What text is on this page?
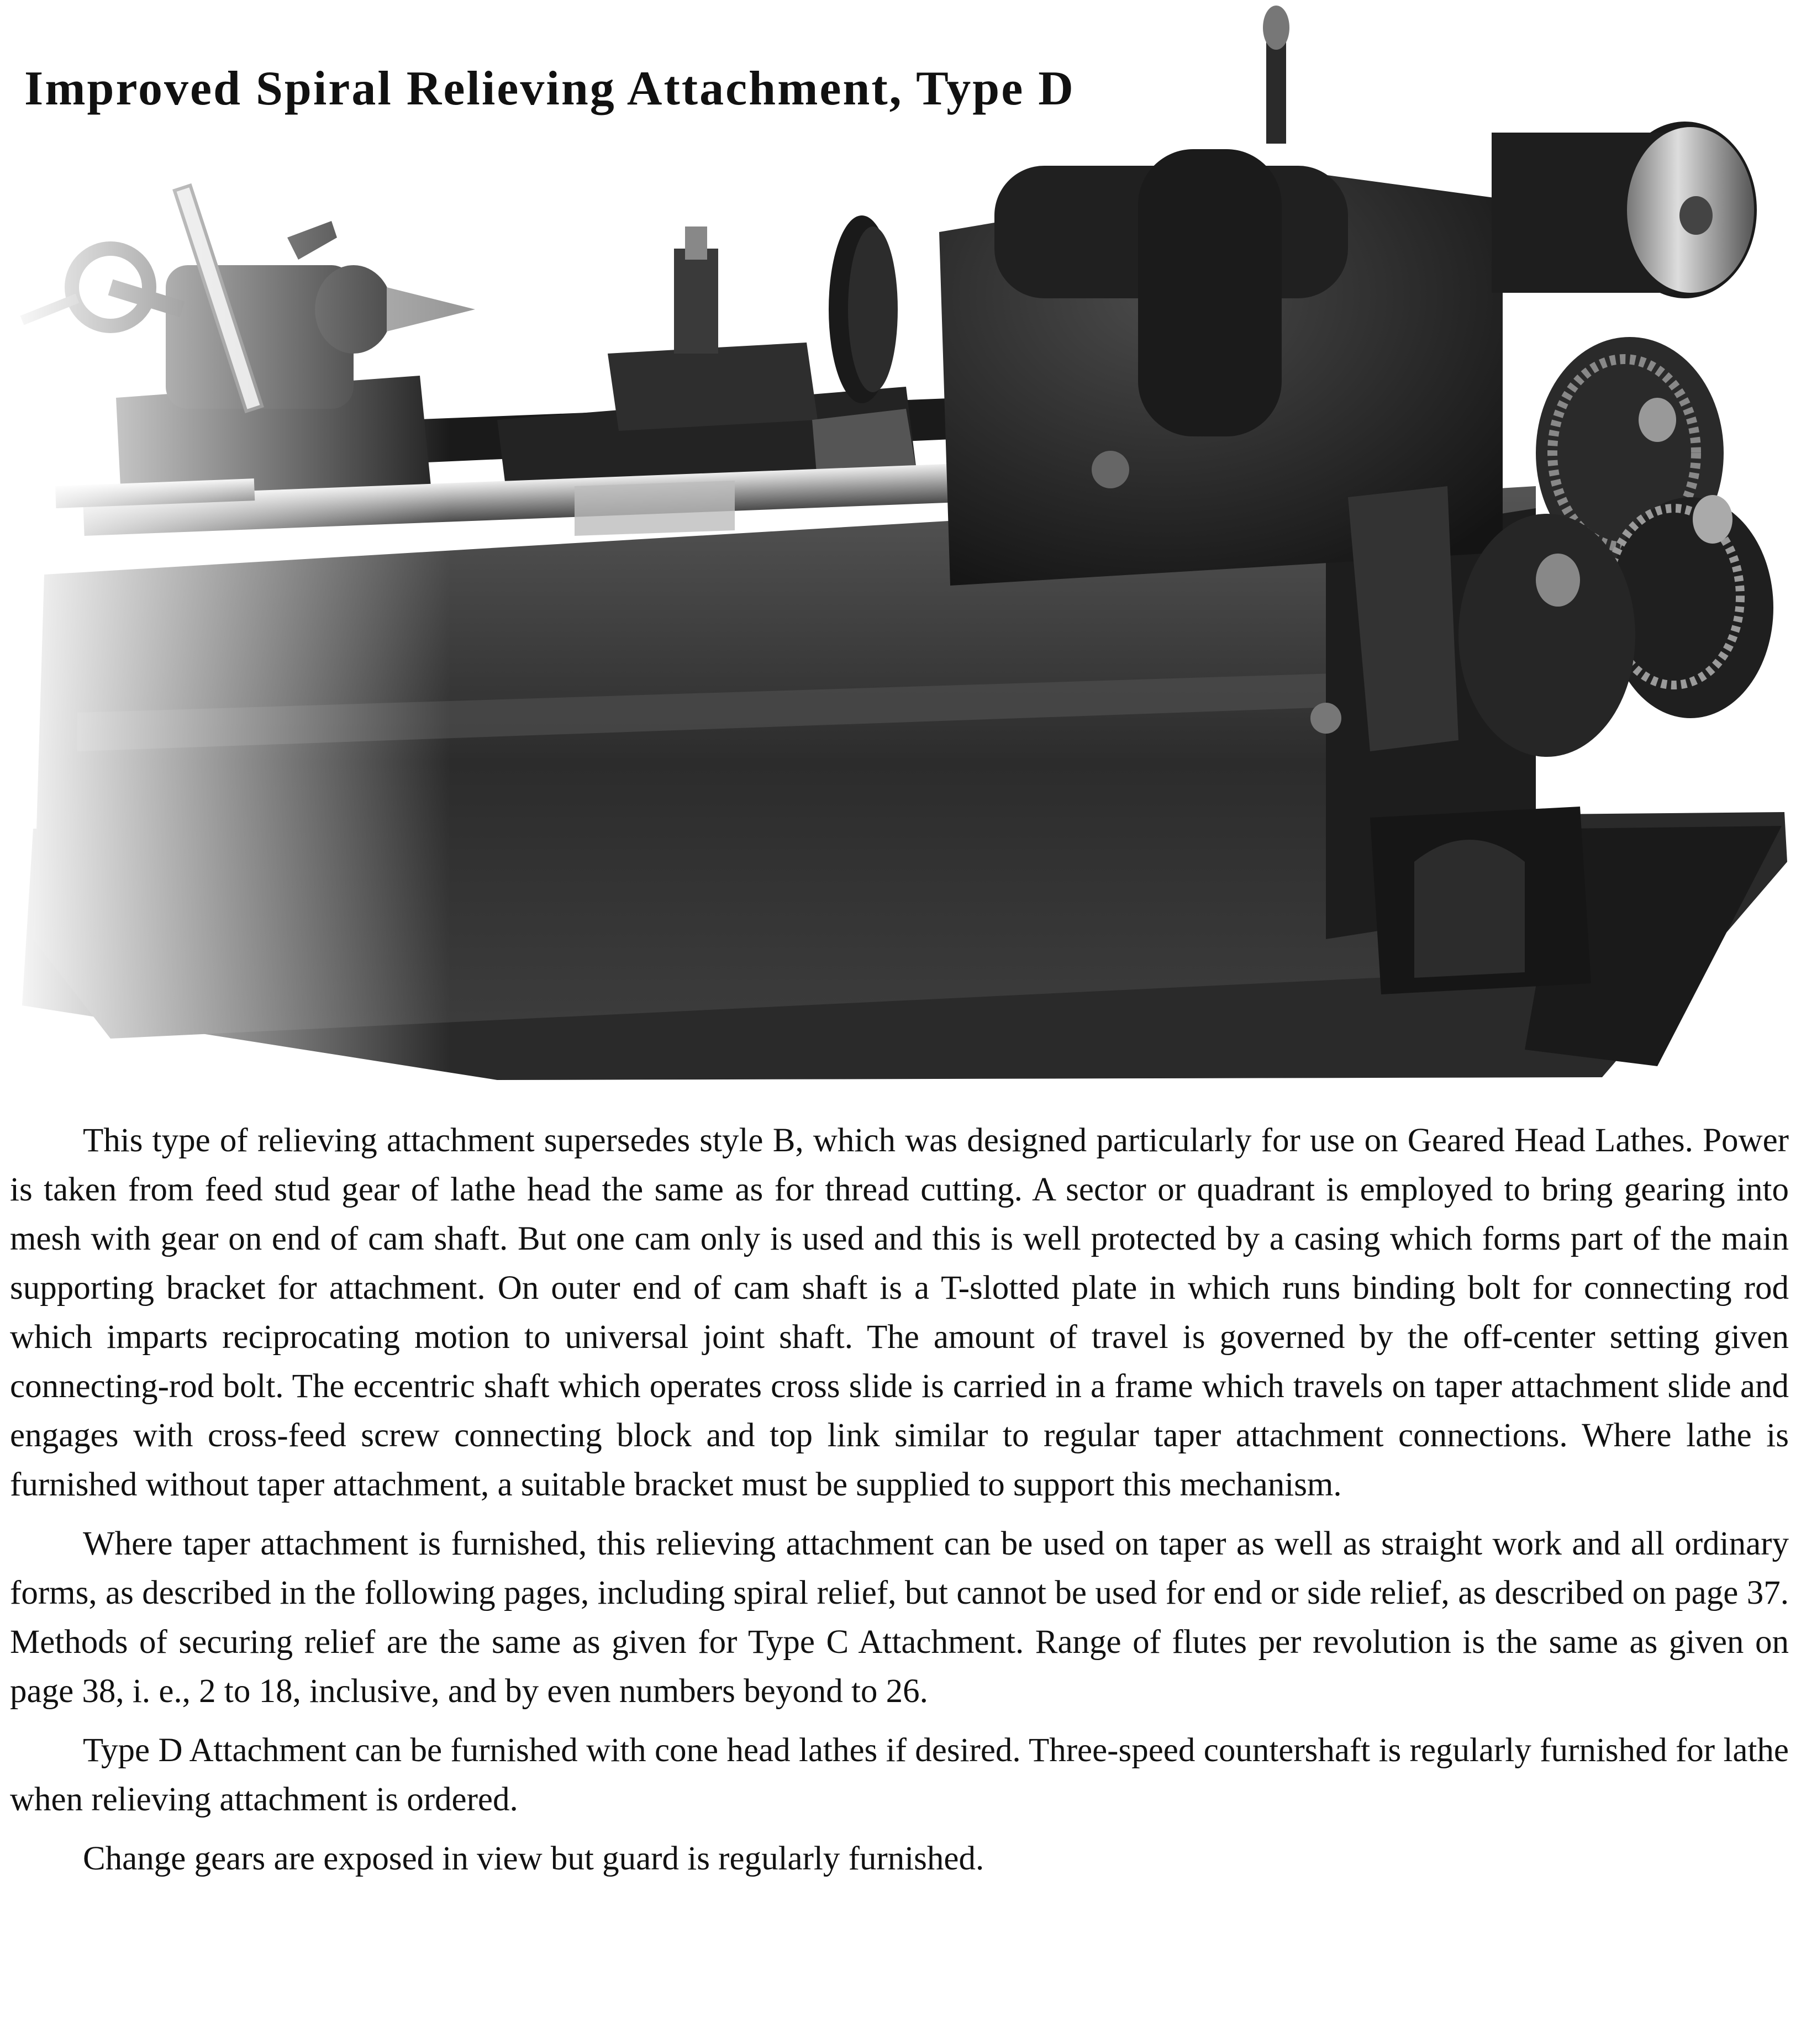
Improved Spiral Relieving Attachment, Type D

This type of relieving attachment supersedes style B, which was designed particularly for use on Geared Head Lathes. Power is taken from feed stud gear of lathe head the same as for thread cutting. A sector or quadrant is employed to bring gearing into mesh with gear on end of cam shaft. But one cam only is used and this is well protected by a casing which forms part of the main supporting bracket for attachment. On outer end of cam shaft is a T-slotted plate in which runs binding bolt for connecting rod which imparts reciprocating motion to universal joint shaft. The amount of travel is governed by the off-center setting given connecting-rod bolt. The eccentric shaft which operates cross slide is carried in a frame which travels on taper attachment slide and engages with cross-feed screw connecting block and top link similar to regular taper attachment connections. Where lathe is furnished without taper attachment, a suitable bracket must be supplied to support this mechanism.

Where taper attachment is furnished, this relieving attachment can be used on taper as well as straight work and all ordinary forms, as described in the following pages, including spiral relief, but cannot be used for end or side relief, as described on page 37. Methods of securing relief are the same as given for Type C Attachment. Range of flutes per revolution is the same as given on page 38, i. e., 2 to 18, inclusive, and by even numbers beyond to 26.

Type D Attachment can be furnished with cone head lathes if desired. Three-speed countershaft is regularly furnished for lathe when relieving attachment is ordered.

Change gears are exposed in view but guard is regularly furnished.
